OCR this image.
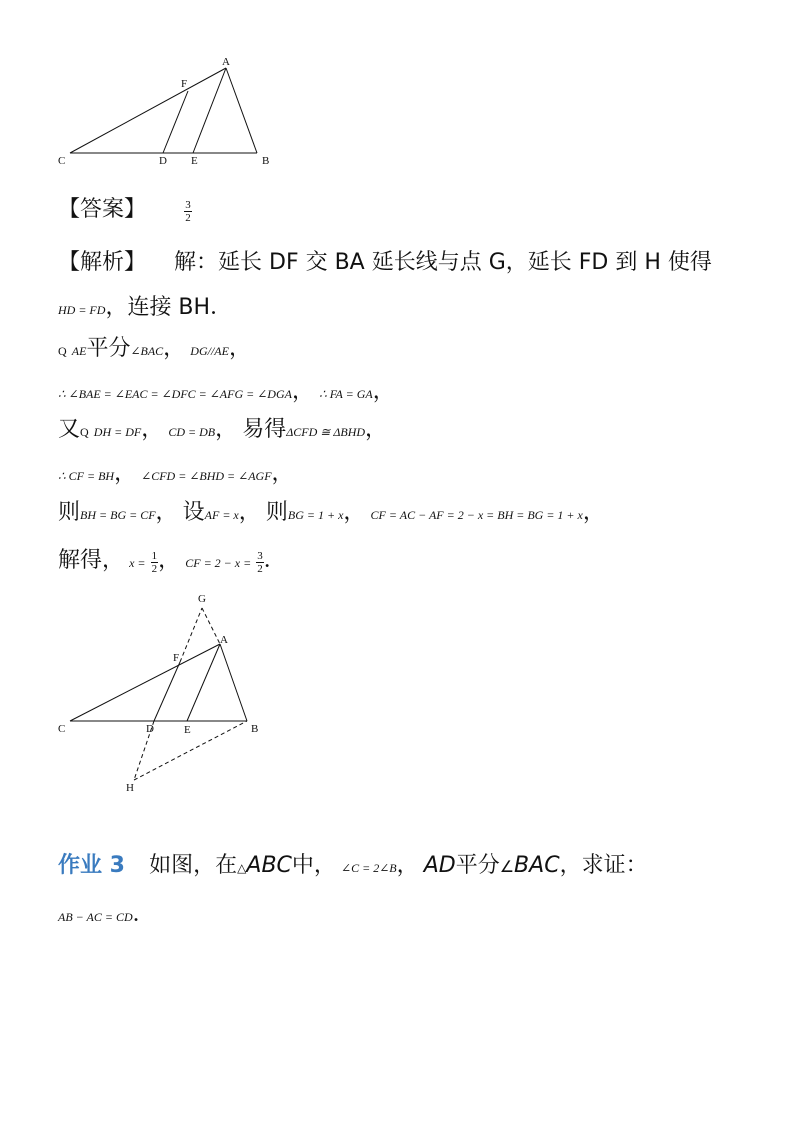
A
F
C	D E	B
【答案】	$\frac{3}{2}$
【解析】 解：延长 DF 交 BA 延长线与点 G，延长 FD 到 H 使得
HD = FD，连接 BH．
Q AE平分∠BAC， DG//AE，
∴ ∠BAE = ∠EAC = ∠DFC = ∠AFG = ∠DGA， ∴ FA = GA，
又Q DH = DF， CD = DB， 易得ΔCFD ≅ ΔBHD，
∴ CF = BH， ∠CFD = ∠BHD = ∠AGF，
则BH = BG = CF， 设AF = x， 则BG = 1 + x， CF = AC − AF = 2 − x = BH = BG = 1 + x，
解得， $x = \frac{1}{2}$ ， CF = $2 - x = \frac{3}{2}$ ．
G
A
F
C	D	E	B
H
作业 3 如图，在△ABC中， ∠C = 2∠B， AD平分∠BAC，求证：
AB − AC = CD．
